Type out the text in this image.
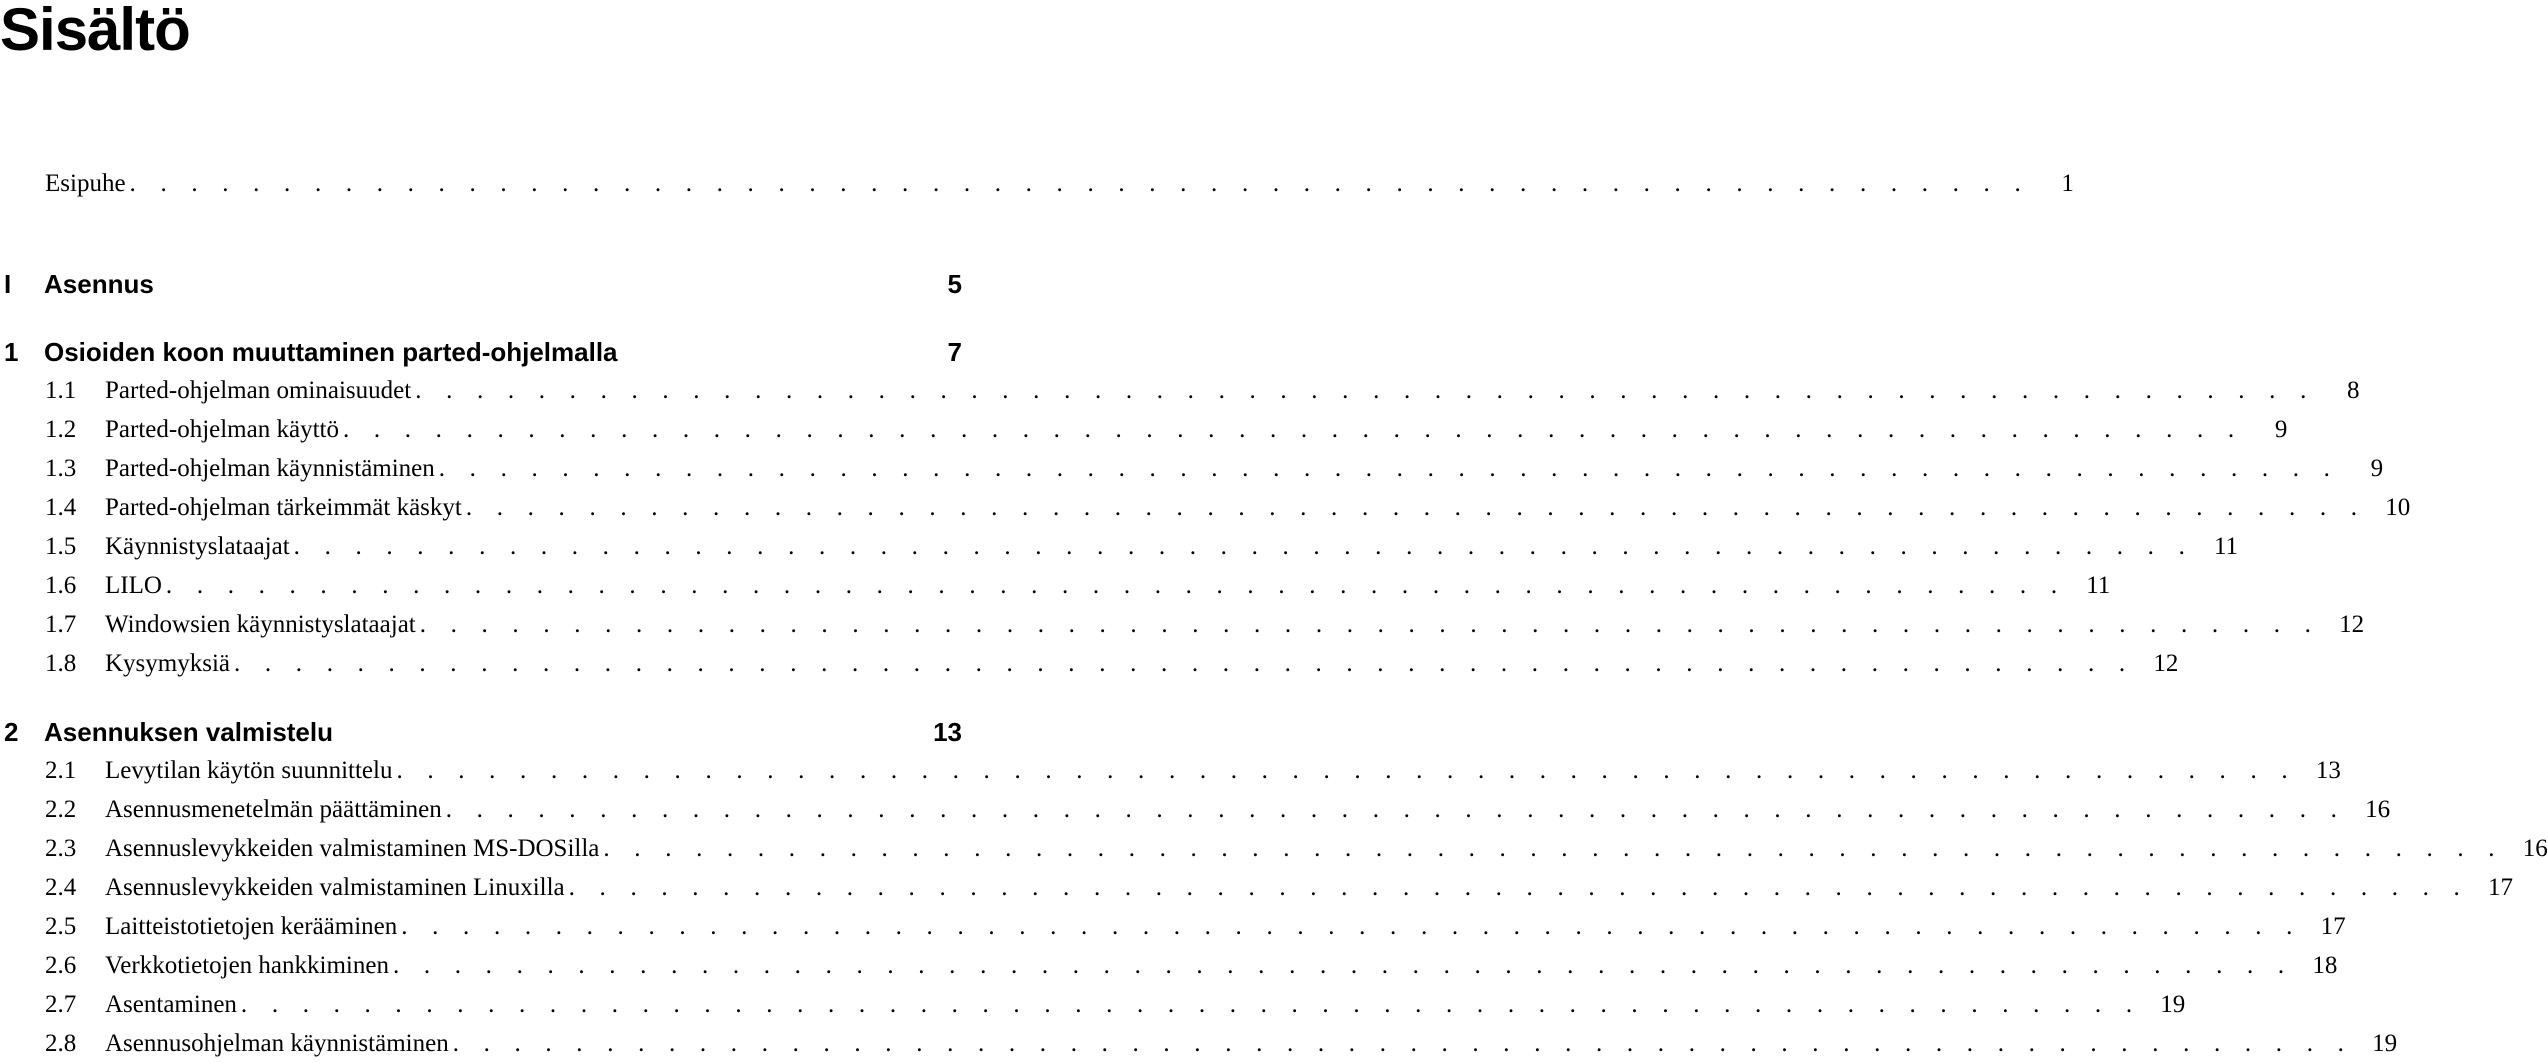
Sisältö
Esipuhe . . .	1
I	Asennus	5
1 Osioiden koon muuttaminen parted-ohjelmalla	7
1.1	Parted-ohjelman ominaisuudet . . .	8
1.2	Parted-ohjelman käyttö . . .	9
1.3	Parted-ohjelman käynnistäminen . . .	9
1.4	Parted-ohjelman tärkeimmät käskyt . . .	10
1.5	Käynnistyslataajat . . .	11
1.6	LILO . . .	11
1.7	Windowsien käynnistyslataajat . . .	12
1.8	Kysymyksiä . . .	12
2 Asennuksen valmistelu	13
2.1	Levytilan käytön suunnittelu . . .	13
2.2	Asennusmenetelmän päättäminen . . .	16
2.3	Asennuslevykkeiden valmistaminen MS-DOSilla . . .	16
2.4	Asennuslevykkeiden valmistaminen Linuxilla . . .	17
2.5	Laitteistotietojen kerääminen . . .	17
2.6	Verkkotietojen hankkiminen . . .	18
2.7	Asentaminen . . .	19
2.8	Asennusohjelman käynnistäminen . . .	19
